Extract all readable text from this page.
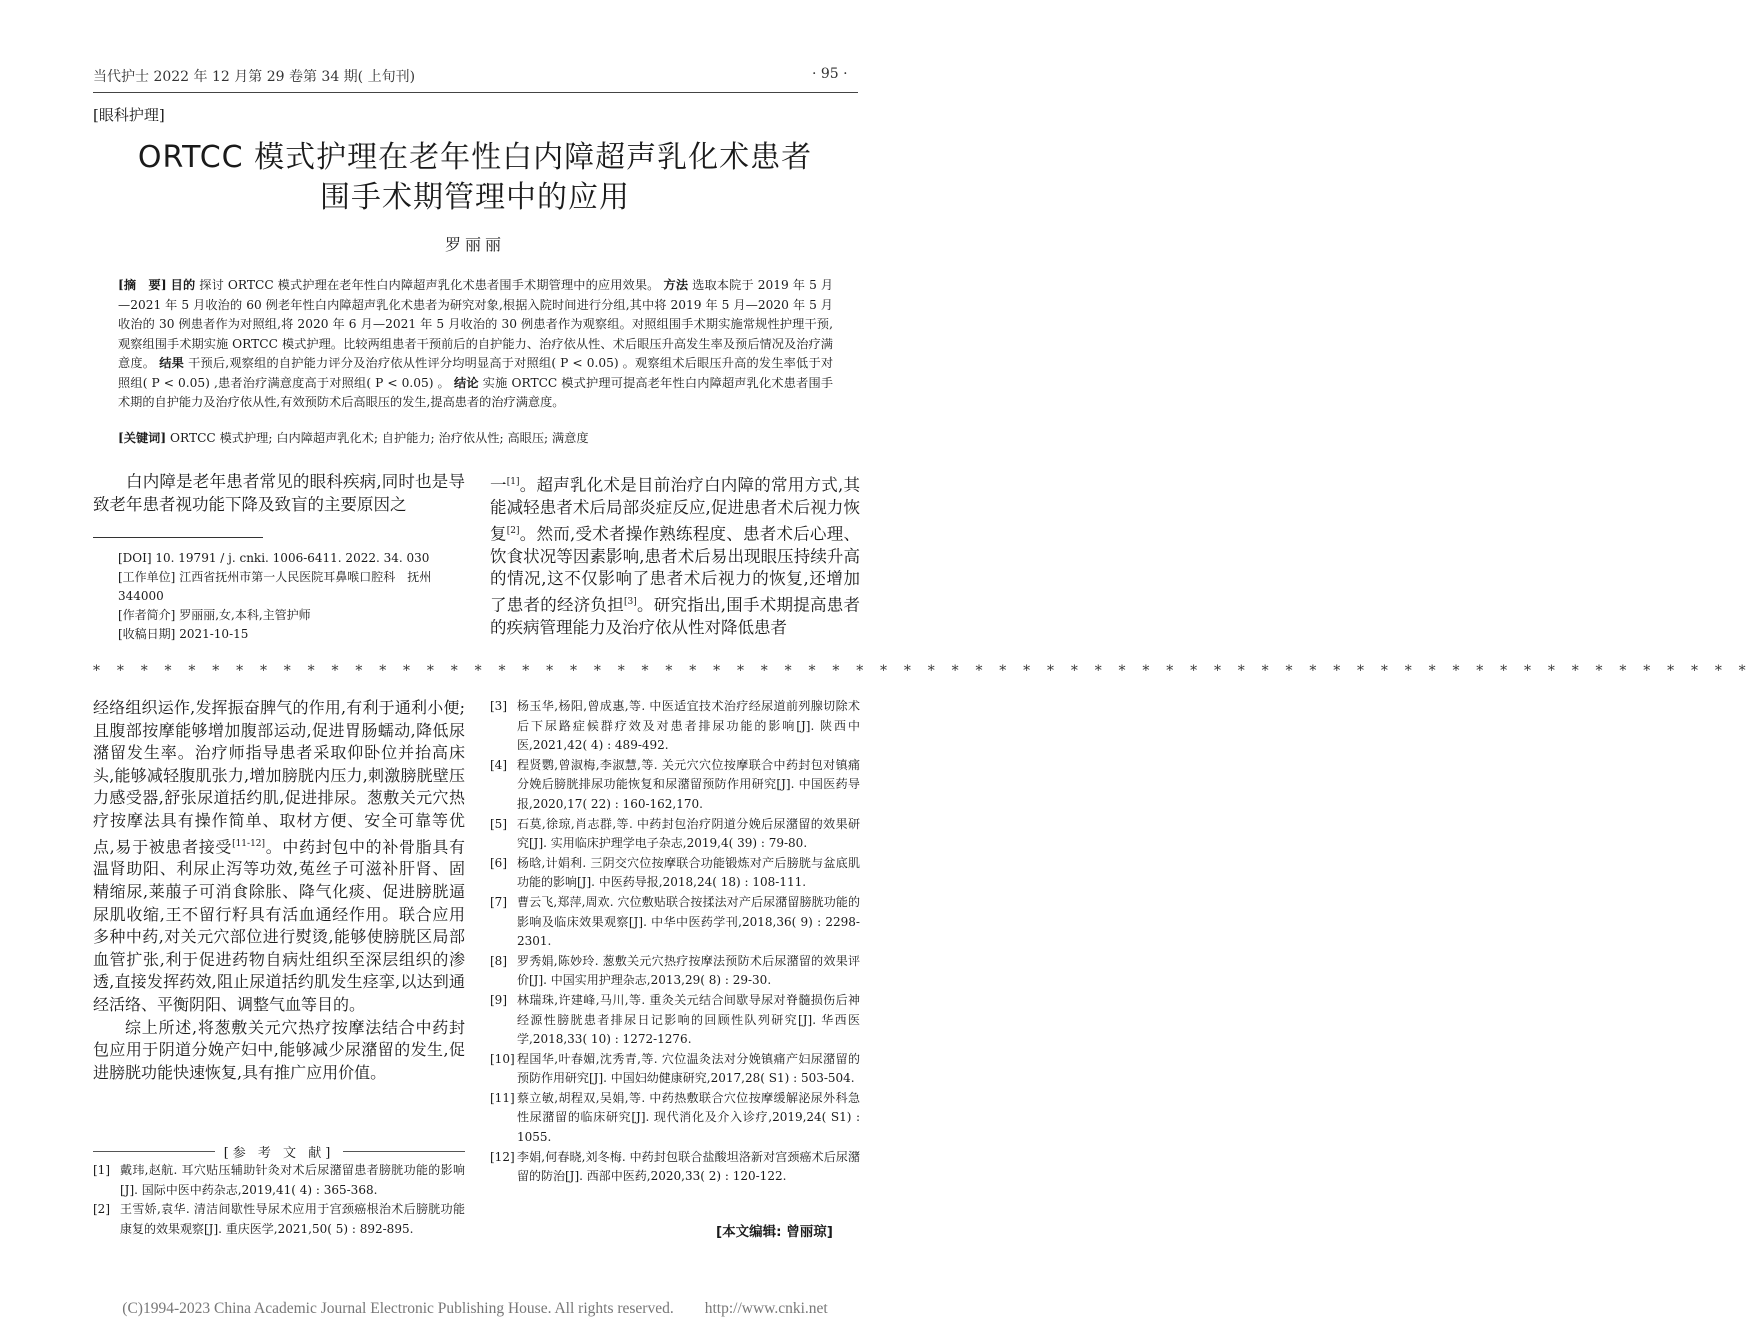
当代护士 2022 年 12 月第 29 卷第 34 期( 上旬刊)	· 95 ·
[眼科护理]
ORTCC 模式护理在老年性白内障超声乳化术患者
围手术期管理中的应用
罗丽丽
[摘　要] 目的 探讨 ORTCC 模式护理在老年性白内障超声乳化术患者围手术期管理中的应用效果。 方法 选取本院于 2019 年 5 月—2021 年 5 月收治的 60 例老年性白内障超声乳化术患者为研究对象,根据入院时间进行分组,其中将 2019 年 5 月—2020 年 5 月收治的 30 例患者作为对照组,将 2020 年 6 月—2021 年 5 月收治的 30 例患者作为观察组。对照组围手术期实施常规性护理干预,观察组围手术期实施 ORTCC 模式护理。比较两组患者干预前后的自护能力、治疗依从性、术后眼压升高发生率及预后情况及治疗满意度。 结果 干预后,观察组的自护能力评分及治疗依从性评分均明显高于对照组( P < 0.05) 。观察组术后眼压升高的发生率低于对照组( P < 0.05) ,患者治疗满意度高于对照组( P < 0.05) 。 结论 实施 ORTCC 模式护理可提高老年性白内障超声乳化术患者围手术期的自护能力及治疗依从性,有效预防术后高眼压的发生,提高患者的治疗满意度。
[关键词] ORTCC 模式护理; 白内障超声乳化术; 自护能力; 治疗依从性; 高眼压; 满意度
白内障是老年患者常见的眼科疾病,同时也是导致老年患者视功能下降及致盲的主要原因之
一[1]。超声乳化术是目前治疗白内障的常用方式,其能减轻患者术后局部炎症反应,促进患者术后视力恢复[2]。然而,受术者操作熟练程度、患者术后心理、饮食状况等因素影响,患者术后易出现眼压持续升高的情况,这不仅影响了患者术后视力的恢复,还增加了患者的经济负担[3]。研究指出,围手术期提高患者的疾病管理能力及治疗依从性对降低患者
[DOI] 10. 19791 / j. cnki. 1006-6411. 2022. 34. 030
[工作单位] 江西省抚州市第一人民医院耳鼻喉口腔科　抚州 344000
[作者简介] 罗丽丽,女,本科,主管护师
[收稿日期] 2021-10-15
* * * * * * * * * * * * * * * * * * * * * * * * * * * * * * * * * * * * * * * * * * * * * * * * * * * * * * * * * * * * * * * * * * * * * *

经络组织运作,发挥振奋脾气的作用,有利于通利小便;且腹部按摩能够增加腹部运动,促进胃肠蠕动,降低尿潴留发生率。治疗师指导患者采取仰卧位并抬高床头,能够减轻腹肌张力,增加膀胱内压力,刺激膀胱壁压力感受器,舒张尿道括约肌,促进排尿。葱敷关元穴热疗按摩法具有操作简单、取材方便、安全可靠等优点,易于被患者接受[11-12]。中药封包中的补骨脂具有温肾助阳、利尿止泻等功效,菟丝子可滋补肝肾、固精缩尿,莱菔子可消食除胀、降气化痰、促进膀胱逼尿肌收缩,王不留行籽具有活血通经作用。联合应用多种中药,对关元穴部位进行熨烫,能够使膀胱区局部血管扩张,利于促进药物自病灶组织至深层组织的渗透,直接发挥药效,阻止尿道括约肌发生痉挛,以达到通经活络、平衡阴阳、调整气血等目的。

综上所述,将葱敷关元穴热疗按摩法结合中药封包应用于阴道分娩产妇中,能够减少尿潴留的发生,促进膀胱功能快速恢复,具有推广应用价值。

[参 考 文 献]
[1] 戴玮,赵航. 耳穴贴压辅助针灸对术后尿潴留患者膀胱功能的影响[J]. 国际中医中药杂志,2019,41( 4) : 365-368.
[2] 王雪娇,袁华. 清洁间歇性导尿术应用于宫颈癌根治术后膀胱功能康复的效果观察[J]. 重庆医学,2021,50( 5) : 892-895.
[3] 杨玉华,杨阳,曾成惠,等. 中医适宜技术治疗经尿道前列腺切除术后下尿路症候群疗效及对患者排尿功能的影响[J]. 陕西中医,2021,42( 4) : 489-492.
[4] 程贤鹦,曾淑梅,李淑慧,等. 关元穴穴位按摩联合中药封包对镇痛分娩后膀胱排尿功能恢复和尿潴留预防作用研究[J]. 中国医药导报,2020,17( 22) : 160-162,170.
[5] 石莫,徐琼,肖志群,等. 中药封包治疗阴道分娩后尿潴留的效果研究[J]. 实用临床护理学电子杂志,2019,4( 39) : 79-80.
[6] 杨晗,计娟利. 三阴交穴位按摩联合功能锻炼对产后膀胱与盆底肌功能的影响[J]. 中医药导报,2018,24( 18) : 108-111.
[7] 曹云飞,郑萍,周欢. 穴位敷贴联合按揉法对产后尿潴留膀胱功能的影响及临床效果观察[J]. 中华中医药学刊,2018,36( 9) : 2298-2301.
[8] 罗秀娟,陈妙玲. 葱敷关元穴热疗按摩法预防术后尿潴留的效果评价[J]. 中国实用护理杂志,2013,29( 8) : 29-30.
[9] 林瑞珠,许建峰,马川,等. 重灸关元结合间歇导尿对脊髓损伤后神经源性膀胱患者排尿日记影响的回顾性队列研究[J]. 华西医学,2018,33( 10) : 1272-1276.
[10] 程国华,叶春媚,沈秀青,等. 穴位温灸法对分娩镇痛产妇尿潴留的预防作用研究[J]. 中国妇幼健康研究,2017,28( S1) : 503-504.
[11] 蔡立敏,胡程双,吴娟,等. 中药热敷联合穴位按摩缓解泌尿外科急性尿潴留的临床研究[J]. 现代消化及介入诊疗,2019,24( S1) : 1055.
[12] 李娟,何春晓,刘冬梅. 中药封包联合盐酸坦洛新对宫颈癌术后尿潴留的防治[J]. 西部中医药,2020,33( 2) : 120-122.
[本文编辑: 曾丽琼]
(C)1994-2023 China Academic Journal Electronic Publishing House. All rights reserved.　　http://www.cnki.net
